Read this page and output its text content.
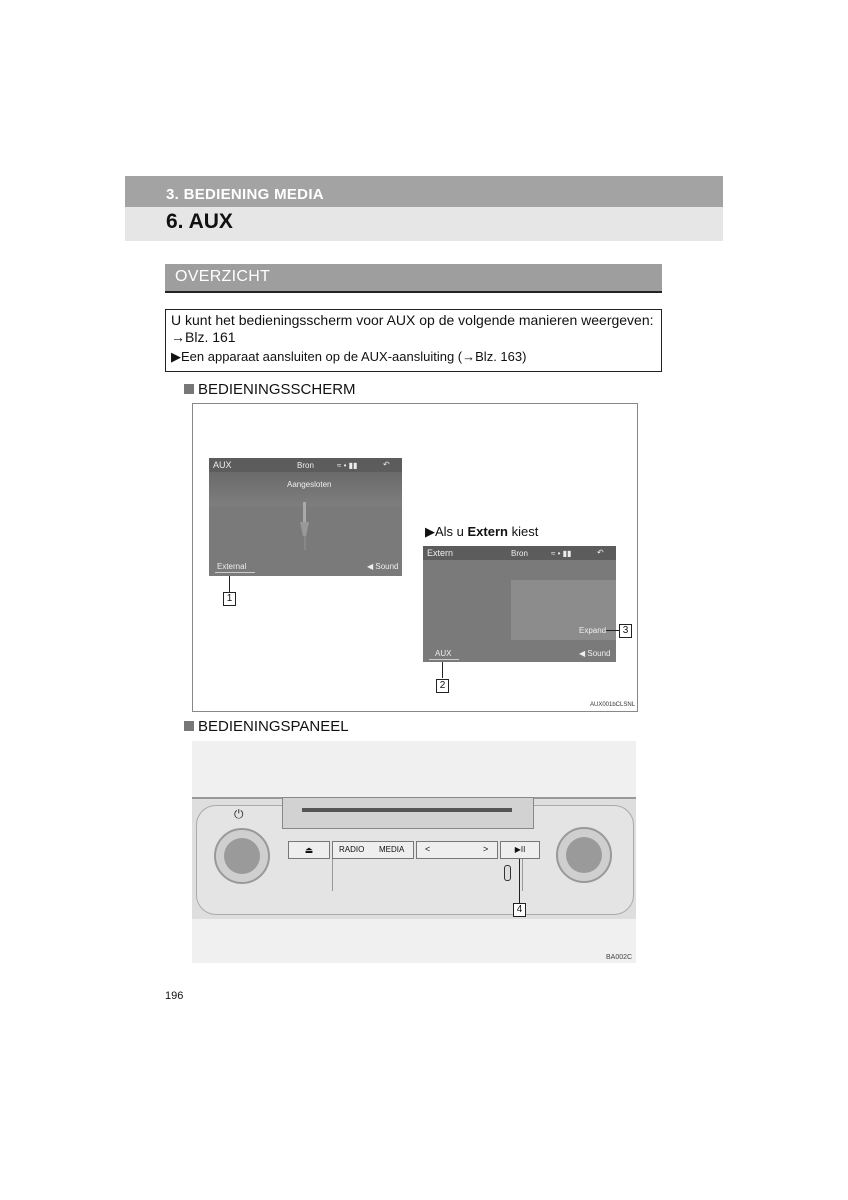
3. BEDIENING MEDIA
6. AUX
OVERZICHT
U kunt het bedieningsscherm voor AUX op de volgende manieren weergeven:
→Blz. 161
▶Een apparaat aansluiten op de AUX-aansluiting (→Blz. 163)
BEDIENINGSSCHERM
AUX	Bron	≈ • ▮▮	↶
Aangesloten
External	◀ Sound
1
▶Als u Extern kiest
Extern	Bron	≈ • ▮▮	↶
Expand
AUX	◀ Sound
3
2
AUX001bCLSNL
BEDIENINGSPANEEL
⏻
⏏	RADIO MEDIA <	>	▶II
4
BA002C
196
